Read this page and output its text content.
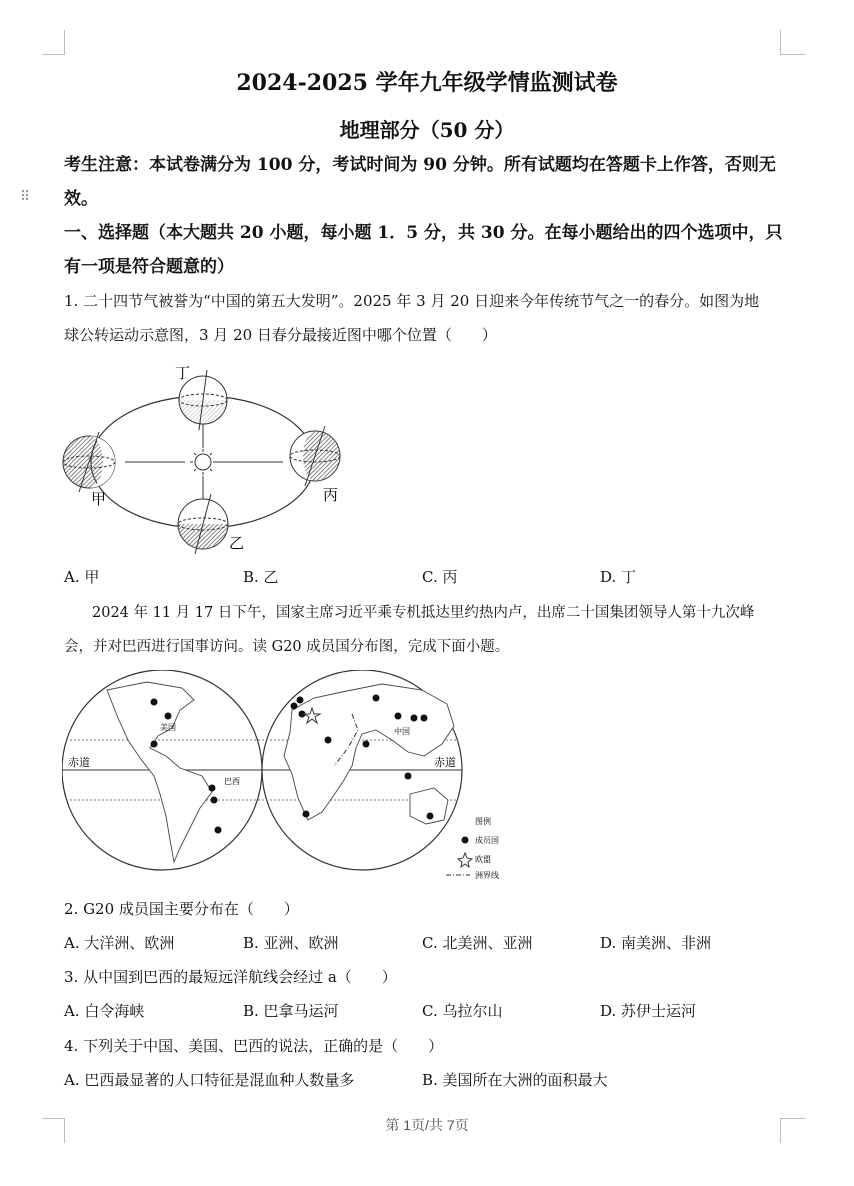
⠿
2024-2025 学年九年级学情监测试卷
地理部分（50 分）
考生注意：本试卷满分为 100 分，考试时间为 90 分钟。所有试题均在答题卡上作答，否则无
效。
一、选择题（本大题共 20 小题，每小题 1．5 分，共 30 分。在每小题给出的四个选项中，只
有一项是符合题意的）
1. 二十四节气被誉为“中国的第五大发明”。2025 年 3 月 20 日迎来今年传统节气之一的春分。如图为地
球公转运动示意图，3 月 20 日春分最接近图中哪个位置（　　）
丁
甲	丙
乙
A. 甲	B. 乙	C. 丙	D. 丁
2024 年 11 月 17 日下午，国家主席习近平乘专机抵达里约热内卢，出席二十国集团领导人第十九次峰
会，并对巴西进行国事访问。读 G20 成员国分布图，完成下面小题。
赤道	赤道
美国
巴西
中国
图例
成员国
欧盟
洲界线
2. G20 成员国主要分布在（　　）
A. 大洋洲、欧洲	B. 亚洲、欧洲	C. 北美洲、亚洲	D. 南美洲、非洲
3. 从中国到巴西的最短远洋航线会经过 a（　　）
A. 白令海峡	B. 巴拿马运河	C. 乌拉尔山	D. 苏伊士运河
4. 下列关于中国、美国、巴西的说法，正确的是（　　）
A. 巴西最显著的人口特征是混血种人数量多	B. 美国所在大洲的面积最大
第 1页/共 7页
